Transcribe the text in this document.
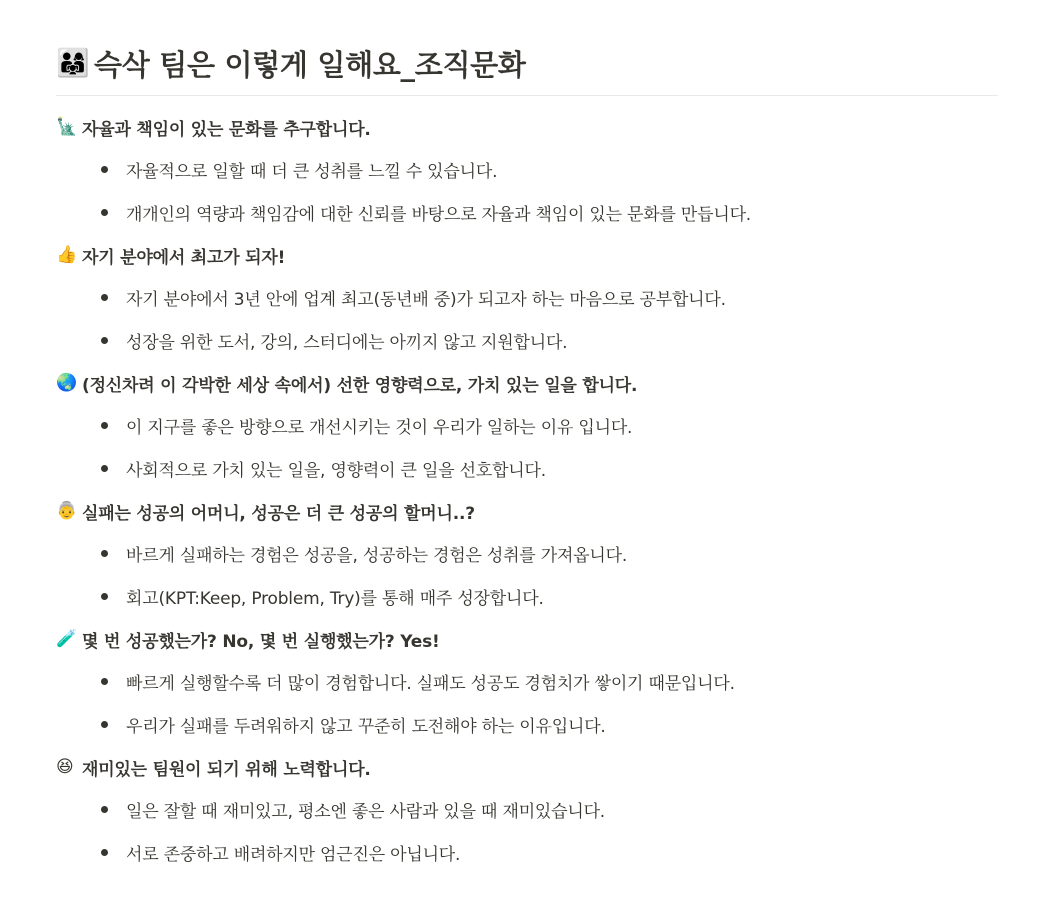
👨‍👩‍👧 슥삭 팀은 이렇게 일해요_조직문화
🗽 자율과 책임이 있는 문화를 추구합니다.
자율적으로 일할 때 더 큰 성취를 느낄 수 있습니다.
개개인의 역량과 책임감에 대한 신뢰를 바탕으로 자율과 책임이 있는 문화를 만듭니다.
👍 자기 분야에서 최고가 되자!
자기 분야에서 3년 안에 업계 최고(동년배 중)가 되고자 하는 마음으로 공부합니다.
성장을 위한 도서, 강의, 스터디에는 아끼지 않고 지원합니다.
🌏 (정신차려 이 각박한 세상 속에서) 선한 영향력으로, 가치 있는 일을 합니다.
이 지구를 좋은 방향으로 개선시키는 것이 우리가 일하는 이유 입니다.
사회적으로 가치 있는 일을, 영향력이 큰 일을 선호합니다.
👵 실패는 성공의 어머니, 성공은 더 큰 성공의 할머니..?
바르게 실패하는 경험은 성공을, 성공하는 경험은 성취를 가져옵니다.
회고(KPT:Keep, Problem, Try)를 통해 매주 성장합니다.
🧪 몇 번 성공했는가? No, 몇 번 실행했는가? Yes!
빠르게 실행할수록 더 많이 경험합니다. 실패도 성공도 경험치가 쌓이기 때문입니다.
우리가 실패를 두려워하지 않고 꾸준히 도전해야 하는 이유입니다.
😆 재미있는 팀원이 되기 위해 노력합니다.
일은 잘할 때 재미있고, 평소엔 좋은 사람과 있을 때 재미있습니다.
서로 존중하고 배려하지만 엄근진은 아닙니다.
